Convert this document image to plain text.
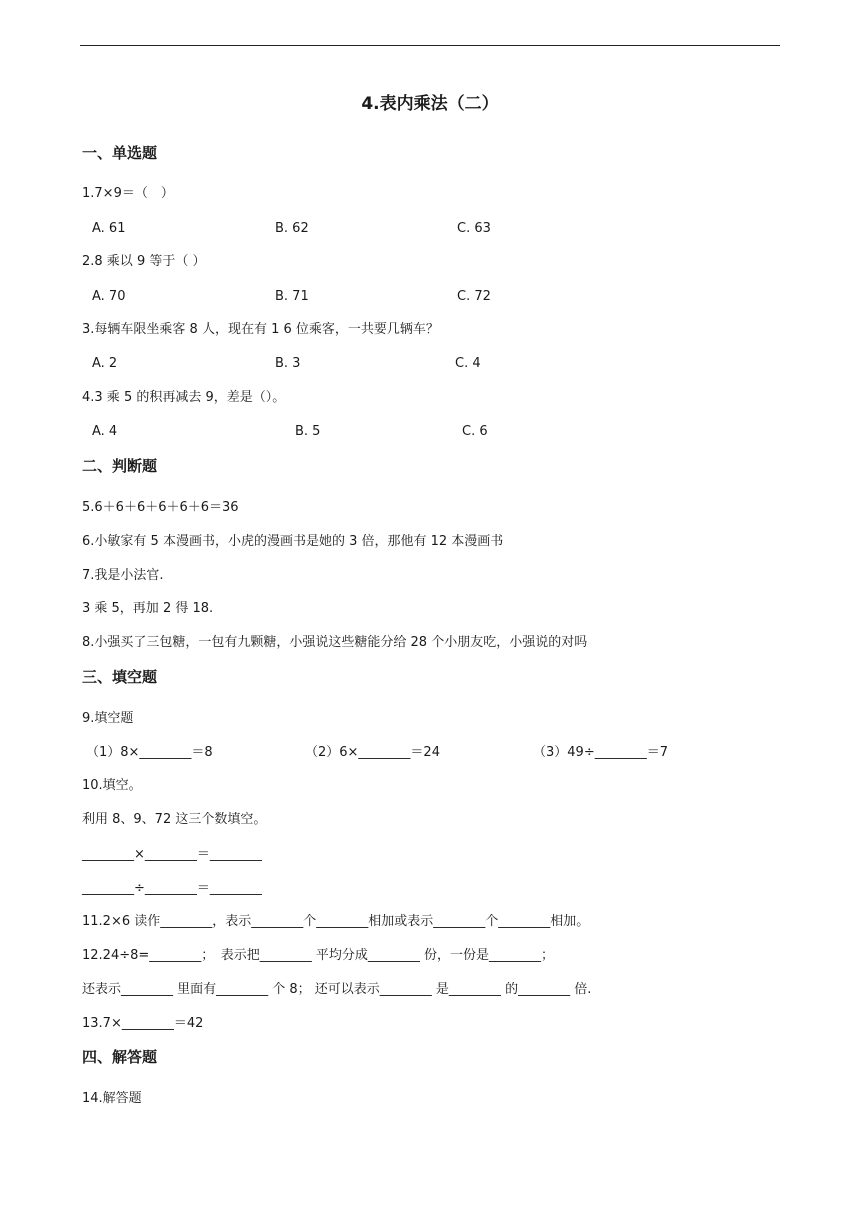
4.表内乘法（二）
一、单选题
1.7×9＝（　）
A. 61	B. 62	C. 63
2.8 乘以 9 等于（ ）
A. 70	B. 71	C. 72
3.每辆车限坐乘客 8 人，现在有 1 6 位乘客，一共要几辆车？
A. 2	B. 3	C. 4
4.3 乘 5 的积再减去 9，差是（）。
A. 4	B. 5	C. 6
二、判断题
5.6＋6＋6＋6＋6＋6＝36
6.小敏家有 5 本漫画书，小虎的漫画书是她的 3 倍，那他有 12 本漫画书
7.我是小法官.
3 乘 5，再加 2 得 18.
8.小强买了三包糖，一包有九颗糖，小强说这些糖能分给 28 个小朋友吃，小强说的对吗
三、填空题
9.填空题
（1）8×________＝8	（2）6×________＝24	（3）49÷________＝7
10.填空。
利用 8、9、72 这三个数填空。
________×________＝________
________÷________＝________
11.2×6 读作________，表示________个________相加或表示________个________相加。
12.24÷8=________；　表示把________ 平均分成________ 份，一份是________；
还表示________ 里面有________ 个 8； 还可以表示________ 是________ 的________ 倍.
13.7×________＝42
四、解答题
14.解答题
